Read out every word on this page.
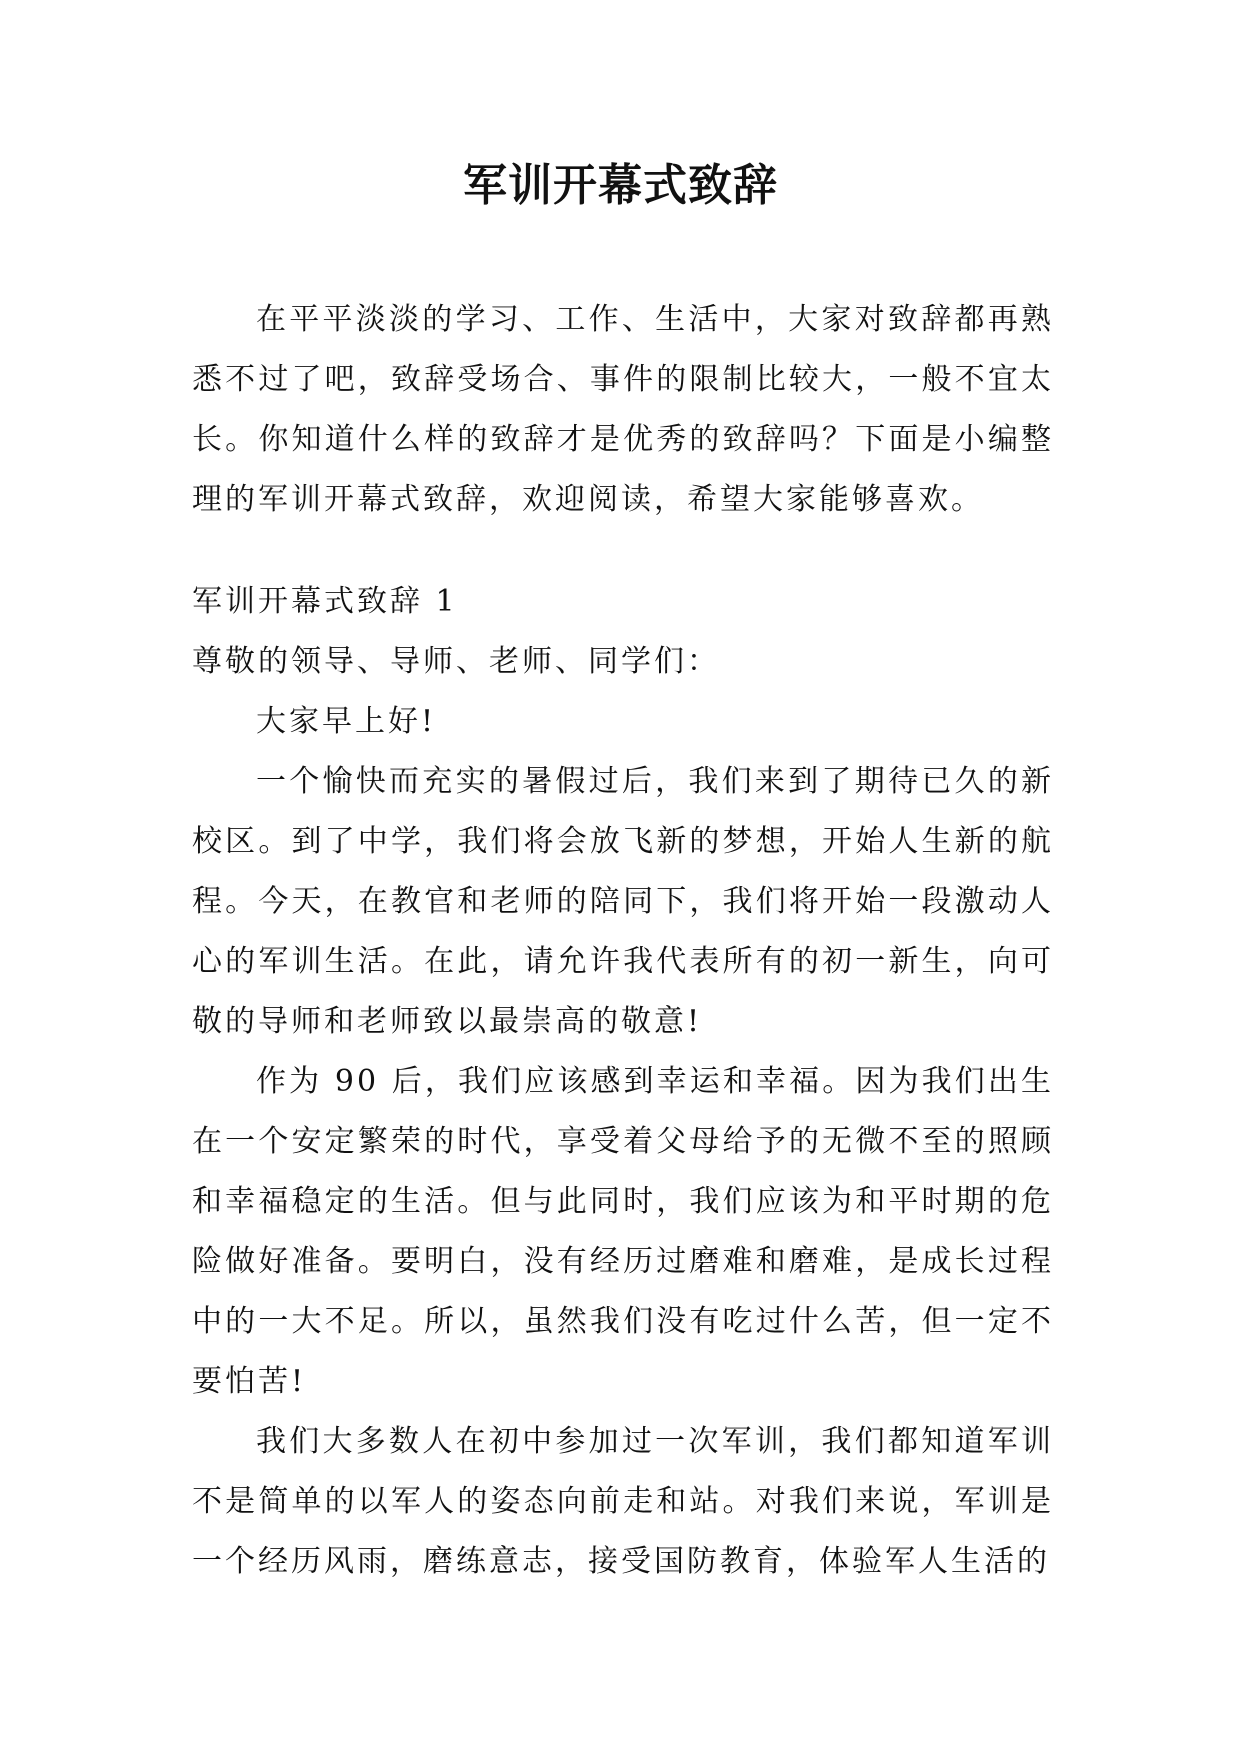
军训开幕式致辞

在平平淡淡的学习、工作、生活中，大家对致辞都再熟悉不过了吧，致辞受场合、事件的限制比较大，一般不宜太长。你知道什么样的致辞才是优秀的致辞吗？下面是小编整理的军训开幕式致辞，欢迎阅读，希望大家能够喜欢。

军训开幕式致辞 1

尊敬的领导、导师、老师、同学们：

大家早上好!

一个愉快而充实的暑假过后，我们来到了期待已久的新校区。到了中学，我们将会放飞新的梦想，开始人生新的航程。今天，在教官和老师的陪同下，我们将开始一段激动人心的军训生活。在此，请允许我代表所有的初一新生，向可敬的导师和老师致以最崇高的敬意!

作为 90 后，我们应该感到幸运和幸福。因为我们出生在一个安定繁荣的时代，享受着父母给予的无微不至的照顾和幸福稳定的生活。但与此同时，我们应该为和平时期的危险做好准备。要明白，没有经历过磨难和磨难，是成长过程中的一大不足。所以，虽然我们没有吃过什么苦，但一定不要怕苦!

我们大多数人在初中参加过一次军训，我们都知道军训不是简单的以军人的姿态向前走和站。对我们来说，军训是一个经历风雨，磨练意志，接受国防教育，体验军人生活的
